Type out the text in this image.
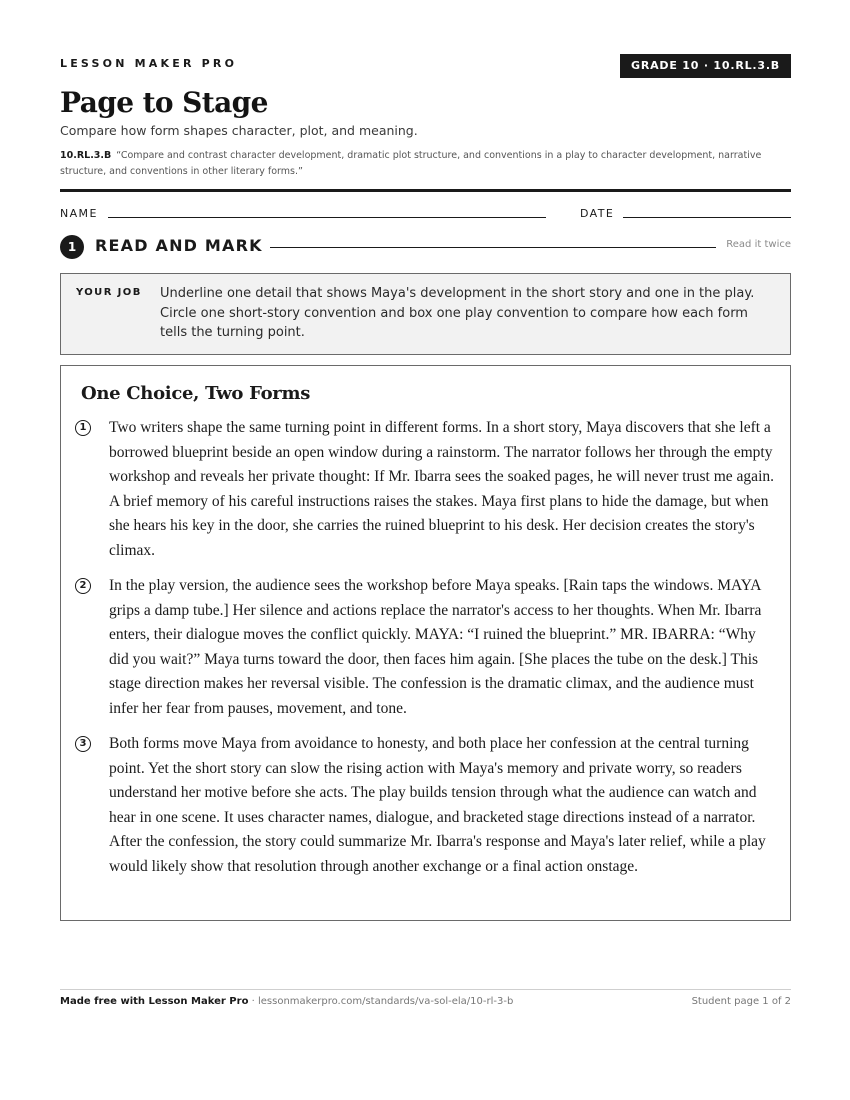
LESSON MAKER PRO	GRADE 10 · 10.RL.3.B
Page to Stage
Compare how form shapes character, plot, and meaning.
10.RL.3.B “Compare and contrast character development, dramatic plot structure, and conventions in a play to character development, narrative structure, and conventions in other literary forms.”
NAME	DATE
1	READ AND MARK	Read it twice
YOUR JOB Underline one detail that shows Maya's development in the short story and one in the play. Circle one short-story convention and box one play convention to compare how each form tells the turning point.
One Choice, Two Forms
1 Two writers shape the same turning point in different forms. In a short story, Maya discovers that she left a borrowed blueprint beside an open window during a rainstorm. The narrator follows her through the empty workshop and reveals her private thought: If Mr. Ibarra sees the soaked pages, he will never trust me again. A brief memory of his careful instructions raises the stakes. Maya first plans to hide the damage, but when she hears his key in the door, she carries the ruined blueprint to his desk. Her decision creates the story's climax.
2 In the play version, the audience sees the workshop before Maya speaks. [Rain taps the windows. MAYA grips a damp tube.] Her silence and actions replace the narrator's access to her thoughts. When Mr. Ibarra enters, their dialogue moves the conflict quickly. MAYA: “I ruined the blueprint.” MR. IBARRA: “Why did you wait?” Maya turns toward the door, then faces him again. [She places the tube on the desk.] This stage direction makes her reversal visible. The confession is the dramatic climax, and the audience must infer her fear from pauses, movement, and tone.
3 Both forms move Maya from avoidance to honesty, and both place her confession at the central turning point. Yet the short story can slow the rising action with Maya's memory and private worry, so readers understand her motive before she acts. The play builds tension through what the audience can watch and hear in one scene. It uses character names, dialogue, and bracketed stage directions instead of a narrator. After the confession, the story could summarize Mr. Ibarra's response and Maya's later relief, while a play would likely show that resolution through another exchange or a final action onstage.
Made free with Lesson Maker Pro · lessonmakerpro.com/standards/va-sol-ela/10-rl-3-b	Student page 1 of 2
